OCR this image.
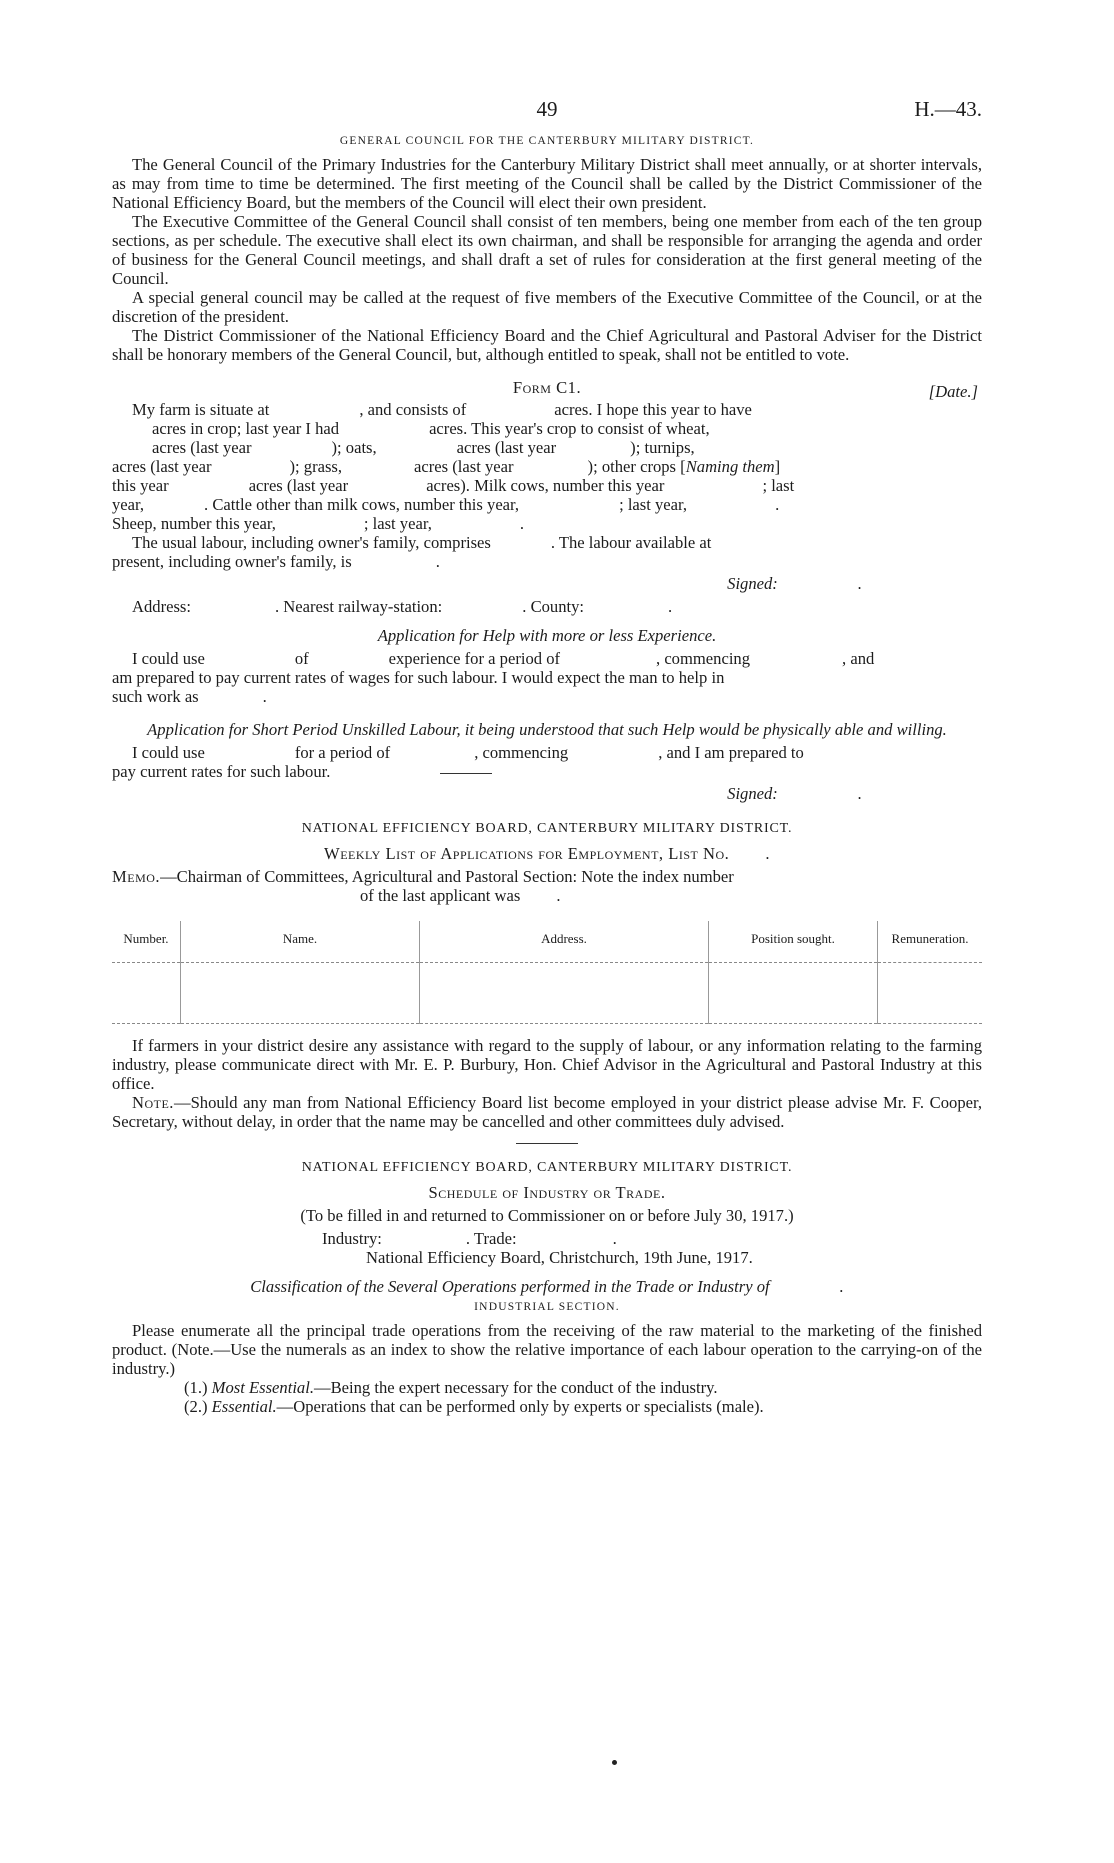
49	H.—43.
GENERAL COUNCIL FOR THE CANTERBURY MILITARY DISTRICT.

The General Council of the Primary Industries for the Canterbury Military District shall meet annually, or at shorter intervals, as may from time to time be determined. The first meeting of the Council shall be called by the District Commissioner of the National Efficiency Board, but the members of the Council will elect their own president.

The Executive Committee of the General Council shall consist of ten members, being one member from each of the ten group sections, as per schedule. The executive shall elect its own chairman, and shall be responsible for arranging the agenda and order of business for the General Council meetings, and shall draft a set of rules for consideration at the first general meeting of the Council.

A special general council may be called at the request of five members of the Executive Committee of the Council, or at the discretion of the president.

The District Commissioner of the National Efficiency Board and the Chief Agricultural and Pastoral Adviser for the District shall be honorary members of the General Council, but, although entitled to speak, shall not be entitled to vote.

Form C1.	[Date.]

My farm is situate at	, and consists of	acres. I hope this year to have

acres in crop; last year I had	acres. This year's crop to consist of wheat,

acres (last year	); oats,	acres (last year	); turnips,

acres (last year	); grass,	acres (last year	); other crops [Naming them]

this year	acres (last year	acres). Milk cows, number this year	; last

year,	. Cattle other than milk cows, number this year,	; last year,	.

Sheep, number this year,	; last year,	.

The usual labour, including owner's family, comprises	. The labour available at

present, including owner's family, is	.

Signed:	.

Address:	. Nearest railway-station:	. County:	.

Application for Help with more or less Experience.

I could use	of	experience for a period of	, commencing	, and

am prepared to pay current rates of wages for such labour. I would expect the man to help in

such work as	.

Application for Short Period Unskilled Labour, it being understood that such Help would be physically able and willing.

I could use	for a period of	, commencing	, and I am prepared to

pay current rates for such labour.

Signed:	.

NATIONAL EFFICIENCY BOARD, CANTERBURY MILITARY DISTRICT.

Weekly List of Applications for Employment, List No. .

Memo.—Chairman of Committees, Agricultural and Pastoral Section: Note the index number

of the last applicant was .

Number.	Name.	Address.	Position sought.	Remuneration.

If farmers in your district desire any assistance with regard to the supply of labour, or any information relating to the farming industry, please communicate direct with Mr. E. P. Burbury, Hon. Chief Advisor in the Agricultural and Pastoral Industry at this office.

Note.—Should any man from National Efficiency Board list become employed in your district please advise Mr. F. Cooper, Secretary, without delay, in order that the name may be cancelled and other committees duly advised.

NATIONAL EFFICIENCY BOARD, CANTERBURY MILITARY DISTRICT.

Schedule of Industry or Trade.

(To be filled in and returned to Commissioner on or before July 30, 1917.)

Industry:	. Trade:	.

National Efficiency Board, Christchurch, 19th June, 1917.

Classification of the Several Operations performed in the Trade or Industry of	.

INDUSTRIAL SECTION.

Please enumerate all the principal trade operations from the receiving of the raw material to the marketing of the finished product. (Note.—Use the numerals as an index to show the relative importance of each labour operation to the carrying-on of the industry.)

(1.) Most Essential.—Being the expert necessary for the conduct of the industry.

(2.) Essential.—Operations that can be performed only by experts or specialists (male).
